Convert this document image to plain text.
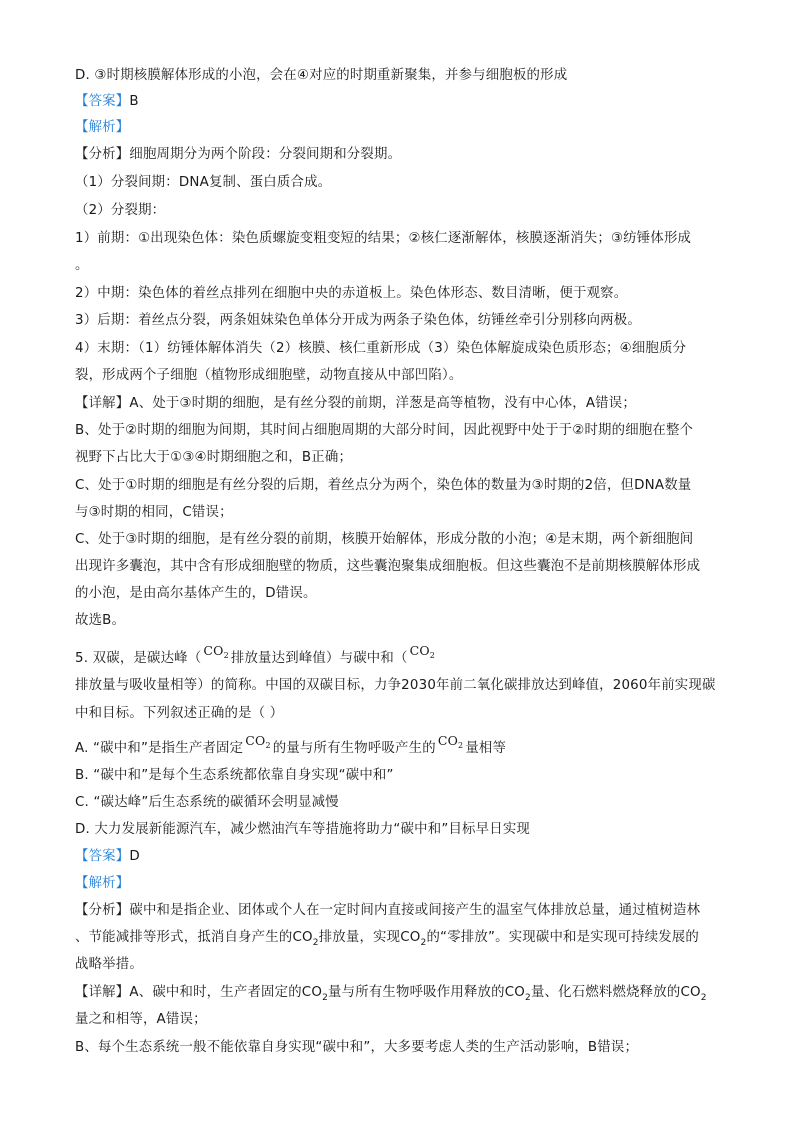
D. ③时期核膜解体形成的小泡，会在④对应的时期重新聚集，并参与细胞板的形成
【答案】B
【解析】
【分析】细胞周期分为两个阶段：分裂间期和分裂期。
（1）分裂间期：DNA复制、蛋白质合成。
（2）分裂期：
1）前期：①出现染色体：染色质螺旋变粗变短的结果；②核仁逐渐解体，核膜逐渐消失；③纺锤体形成
。
2）中期：染色体的着丝点排列在细胞中央的赤道板上。染色体形态、数目清晰，便于观察。
3）后期：着丝点分裂，两条姐妹染色单体分开成为两条子染色体，纺锤丝牵引分别移向两极。
4）末期：（1）纺锤体解体消失（2）核膜、核仁重新形成（3）染色体解旋成染色质形态；④细胞质分
裂，形成两个子细胞（植物形成细胞壁，动物直接从中部凹陷）。
【详解】A、处于③时期的细胞，是有丝分裂的前期，洋葱是高等植物，没有中心体，A错误；
B、处于②时期的细胞为间期，其时间占细胞周期的大部分时间，因此视野中处于于②时期的细胞在整个
视野下占比大于①③④时期细胞之和，B正确；
C、处于①时期的细胞是有丝分裂的后期，着丝点分为两个，染色体的数量为③时期的2倍，但DNA数量
与③时期的相同，C错误；
C、处于③时期的细胞，是有丝分裂的前期，核膜开始解体，形成分散的小泡；④是末期，两个新细胞间
出现许多囊泡，其中含有形成细胞壁的物质，这些囊泡聚集成细胞板。但这些囊泡不是前期核膜解体形成
的小泡，是由高尔基体产生的，D错误。
故选B。
5. 双碳，是碳达峰（$CO_2$ 排放量达到峰值）与碳中和（$CO_2$
排放量与吸收量相等）的简称。中国的双碳目标，力争2030年前二氧化碳排放达到峰值，2060年前实现碳
中和目标。下列叙述正确的是（ ）
A. “碳中和”是指生产者固定$CO_2$ 的量与所有生物呼吸产生的$CO_2$ 量相等
B. “碳中和”是每个生态系统都依靠自身实现“碳中和”
C. “碳达峰”后生态系统的碳循环会明显减慢
D. 大力发展新能源汽车，减少燃油汽车等措施将助力“碳中和”目标早日实现
【答案】D
【解析】
【分析】碳中和是指企业、团体或个人在一定时间内直接或间接产生的温室气体排放总量，通过植树造林
、节能减排等形式，抵消自身产生的$CO_2$排放量，实现$CO_2$的“零排放”。实现碳中和是实现可持续发展的
战略举措。
【详解】A、碳中和时，生产者固定的$CO_2$量与所有生物呼吸作用释放的$CO_2$量、化石燃料燃烧释放的$CO_2$
量之和相等，A错误；
B、每个生态系统一般不能依靠自身实现“碳中和”，大多要考虑人类的生产活动影响，B错误；
